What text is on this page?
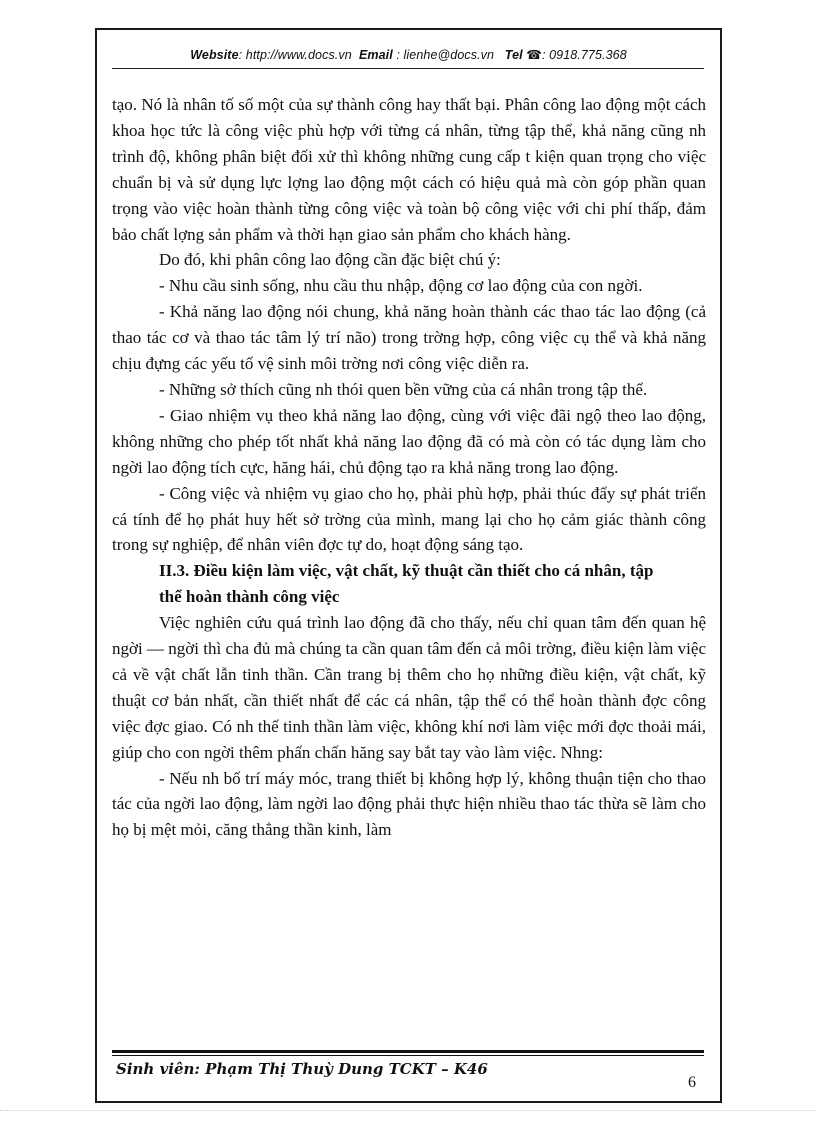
Website: http://www.docs.vn Email : lienhe@docs.vn Tel ☎: 0918.775.368

tạo. Nó là nhân tố số một của sự thành công hay thất bại. Phân công lao động một cách khoa học tức là công việc phù hợp với từng cá nhân, từng tập thể, khả năng cũng nh trình độ, không phân biệt đối xử thì không những cung cấp t kiện quan trọng cho việc chuẩn bị và sử dụng lực lợng lao động một cách có hiệu quả mà còn góp phần quan trọng vào việc hoàn thành từng công việc và toàn bộ công việc với chi phí thấp, đảm bảo chất lợng sản phẩm và thời hạn giao sản phẩm cho khách hàng.

Do đó, khi phân công lao động cần đặc biệt chú ý:

- Nhu cầu sinh sống, nhu cầu thu nhập, động cơ lao động của con ngời.

- Khả năng lao động nói chung, khả năng hoàn thành các thao tác lao động (cả thao tác cơ và thao tác tâm lý trí não) trong trờng hợp, công việc cụ thể và khả năng chịu đựng các yếu tố vệ sinh môi trờng nơi công việc diễn ra.

- Những sở thích cũng nh thói quen bền vững của cá nhân trong tập thể.

- Giao nhiệm vụ theo khả năng lao động, cùng với việc đãi ngộ theo lao động, không những cho phép tốt nhất khả năng lao động đã có mà còn có tác dụng làm cho ngời lao động tích cực, hăng hái, chủ động tạo ra khả năng trong lao động.

- Công việc và nhiệm vụ giao cho họ, phải phù hợp, phải thúc đẩy sự phát triển cá tính để họ phát huy hết sở trờng của mình, mang lại cho họ cảm giác thành công trong sự nghiệp, để nhân viên đợc tự do, hoạt động sáng tạo.

II.3. Điều kiện làm việc, vật chất, kỹ thuật cần thiết cho cá nhân, tập
thể hoàn thành công việc

Việc nghiên cứu quá trình lao động đã cho thấy, nếu chỉ quan tâm đến quan hệ ngời — ngời thì cha đủ mà chúng ta cần quan tâm đến cả môi trờng, điều kiện làm việc cả về vật chất lẫn tinh thần. Cần trang bị thêm cho họ những điều kiện, vật chất, kỹ thuật cơ bản nhất, cần thiết nhất để các cá nhân, tập thể có thể hoàn thành đợc công việc đợc giao. Có nh thế tinh thần làm việc, không khí nơi làm việc mới đợc thoải mái, giúp cho con ngời thêm phấn chấn hăng say bắt tay vào làm việc. Nhng:

- Nếu nh bố trí máy móc, trang thiết bị không hợp lý, không thuận tiện cho thao tác của ngời lao động, làm ngời lao động phải thực hiện nhiều thao tác thừa sẽ làm cho họ bị mệt mỏi, căng thẳng thần kinh, làm

Sinh viên: Phạm Thị Thuỳ Dung TCKT – K46
6
